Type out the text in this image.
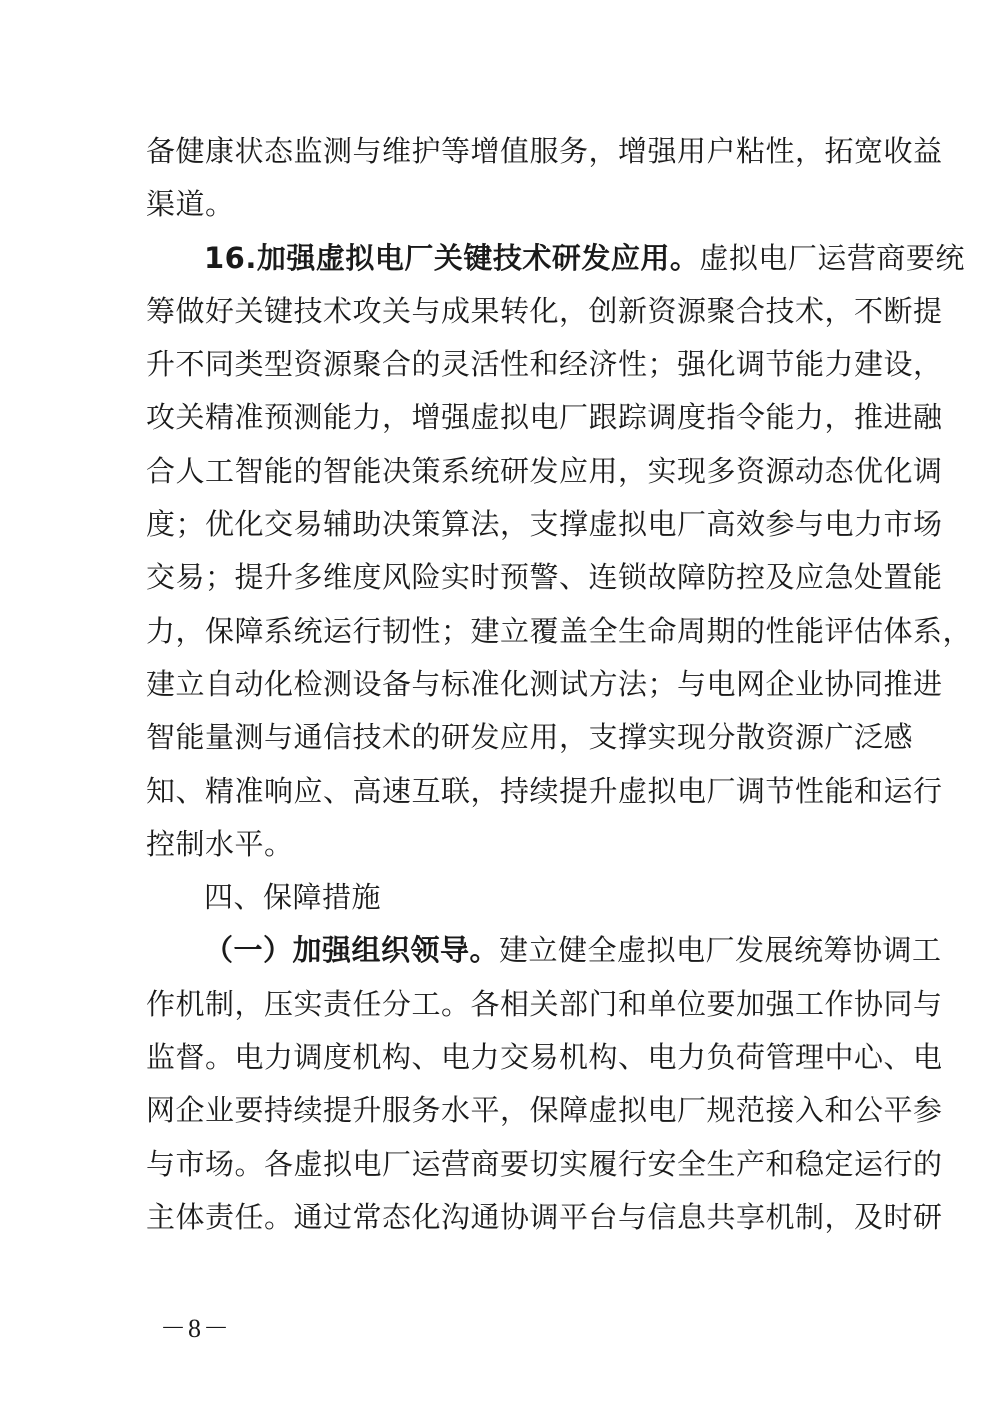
备健康状态监测与维护等增值服务，增强用户粘性，拓宽收益
渠道。
16.加强虚拟电厂关键技术研发应用。虚拟电厂运营商要统
筹做好关键技术攻关与成果转化，创新资源聚合技术，不断提
升不同类型资源聚合的灵活性和经济性；强化调节能力建设，
攻关精准预测能力，增强虚拟电厂跟踪调度指令能力，推进融
合人工智能的智能决策系统研发应用，实现多资源动态优化调
度；优化交易辅助决策算法，支撑虚拟电厂高效参与电力市场
交易；提升多维度风险实时预警、连锁故障防控及应急处置能
力，保障系统运行韧性；建立覆盖全生命周期的性能评估体系，
建立自动化检测设备与标准化测试方法；与电网企业协同推进
智能量测与通信技术的研发应用，支撑实现分散资源广泛感
知、精准响应、高速互联，持续提升虚拟电厂调节性能和运行
控制水平。
四、保障措施
（一）加强组织领导。建立健全虚拟电厂发展统筹协调工
作机制，压实责任分工。各相关部门和单位要加强工作协同与
监督。电力调度机构、电力交易机构、电力负荷管理中心、电
网企业要持续提升服务水平，保障虚拟电厂规范接入和公平参
与市场。各虚拟电厂运营商要切实履行安全生产和稳定运行的
主体责任。通过常态化沟通协调平台与信息共享机制，及时研
－8－
